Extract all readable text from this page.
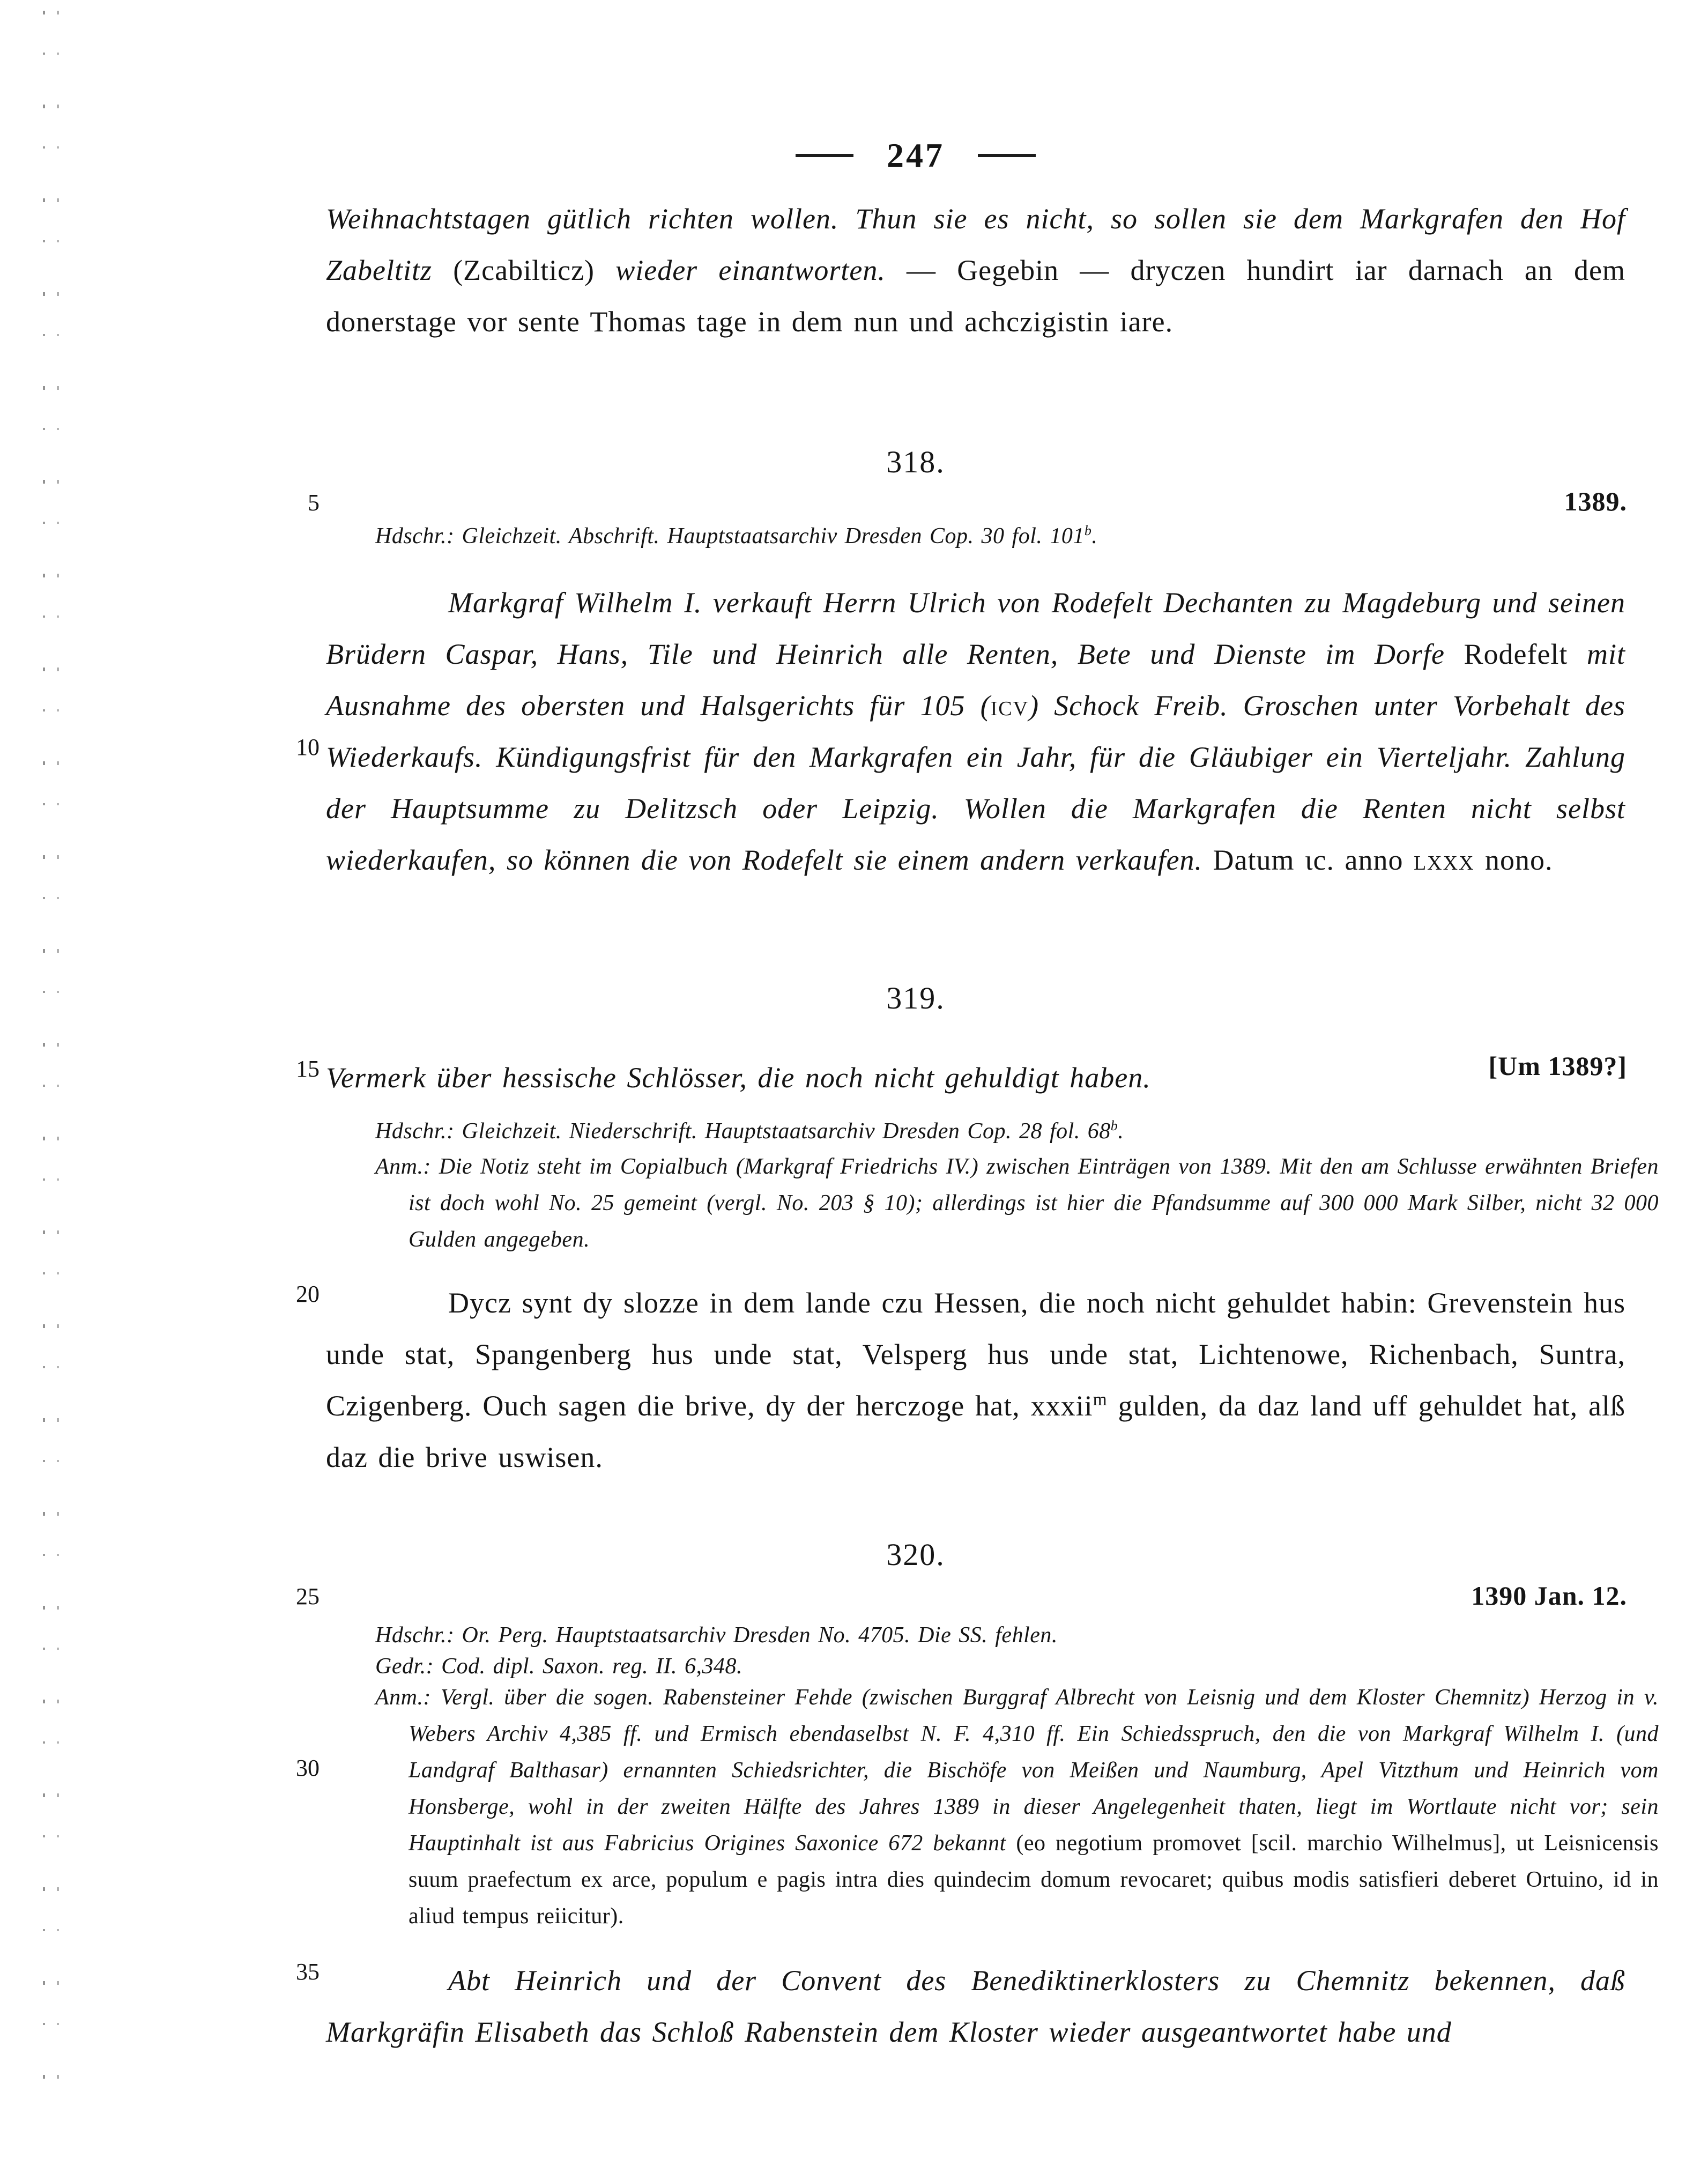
247

Weihnachtstagen gütlich richten wollen. Thun sie es nicht, so sollen sie dem Markgrafen den Hof Zabeltitz (Zcabilticz) wieder einantworten. — Gegebin — dryczen hundirt iar darnach an dem donerstage vor sente Thomas tage in dem nun und achczigistin iare.

318.
5	1389.

Hdschr.: Gleichzeit. Abschrift. Hauptstaatsarchiv Dresden Cop. 30 fol. 101$^b$.

Markgraf Wilhelm I. verkauft Herrn Ulrich von Rodefelt Dechanten zu Magdeburg und seinen Brüdern Caspar, Hans, Tile und Heinrich alle Renten, Bete und Dienste im Dorfe Rodefelt mit Ausnahme des obersten und Halsgerichts für 105 (icv) Schock Freib. Groschen unter Vorbehalt des Wiederkaufs. Kündigungsfrist für den Markgrafen ein Jahr, für die Gläubiger ein Vierteljahr. Zahlung der Hauptsumme zu Delitzsch oder Leipzig. Wollen die Markgrafen die Renten nicht selbst wiederkaufen, so können die von Rodefelt sie einem andern verkaufen. Datum ɩc. anno lxxx nono.

10
319.
15 Vermerk über hessische Schlösser, die noch nicht gehuldigt haben.	[Um 1389?]

Hdschr.: Gleichzeit. Niederschrift. Hauptstaatsarchiv Dresden Cop. 28 fol. 68$^b$.

Anm.: Die Notiz steht im Copialbuch (Markgraf Friedrichs IV.) zwischen Einträgen von 1389. Mit den am Schlusse erwähnten Briefen ist doch wohl No. 25 gemeint (vergl. No. 203 § 10); allerdings ist hier die Pfandsumme auf 300 000 Mark Silber, nicht 32 000 Gulden angegeben.

20	Dycz synt dy slozze in dem lande czu Hessen, die noch nicht gehuldet habin: Grevenstein hus unde stat, Spangenberg hus unde stat, Velsperg hus unde stat, Lichtenowe, Richenbach, Suntra, Czigenberg. Ouch sagen die brive, dy der herczoge hat, xxxii$^m$ gulden, da daz land uff gehuldet hat, alß daz die brive uswisen.

320.
25	1390 Jan. 12.

Hdschr.: Or. Perg. Hauptstaatsarchiv Dresden No. 4705. Die SS. fehlen.

Gedr.: Cod. dipl. Saxon. reg. II. 6,348.

Anm.: Vergl. über die sogen. Rabensteiner Fehde (zwischen Burggraf Albrecht von Leisnig und dem Kloster Chemnitz) Herzog in v. Webers Archiv 4,385 ff. und Ermisch ebendaselbst N. F. 4,310 ff. Ein Schiedsspruch, den die von Markgraf Wilhelm I. (und Landgraf Balthasar) ernannten Schiedsrichter, die Bischöfe von Meißen und Naumburg, Apel Vitzthum und Heinrich vom Honsberge, wohl in der zweiten Hälfte des Jahres 1389 in dieser Angelegenheit thaten, liegt im Wortlaute nicht vor; sein Hauptinhalt ist aus Fabricius Origines Saxonice 672 bekannt (eo negotium promovet [scil. marchio Wilhelmus], ut Leisnicensis suum praefectum ex arce, populum e pagis intra dies quindecim domum revocaret; quibus modis satisfieri deberet Ortuino, id in aliud tempus reiicitur).

30
35	Abt Heinrich und der Convent des Benediktinerklosters zu Chemnitz bekennen, daß Markgräfin Elisabeth das Schloß Rabenstein dem Kloster wieder ausgeantwortet habe und
